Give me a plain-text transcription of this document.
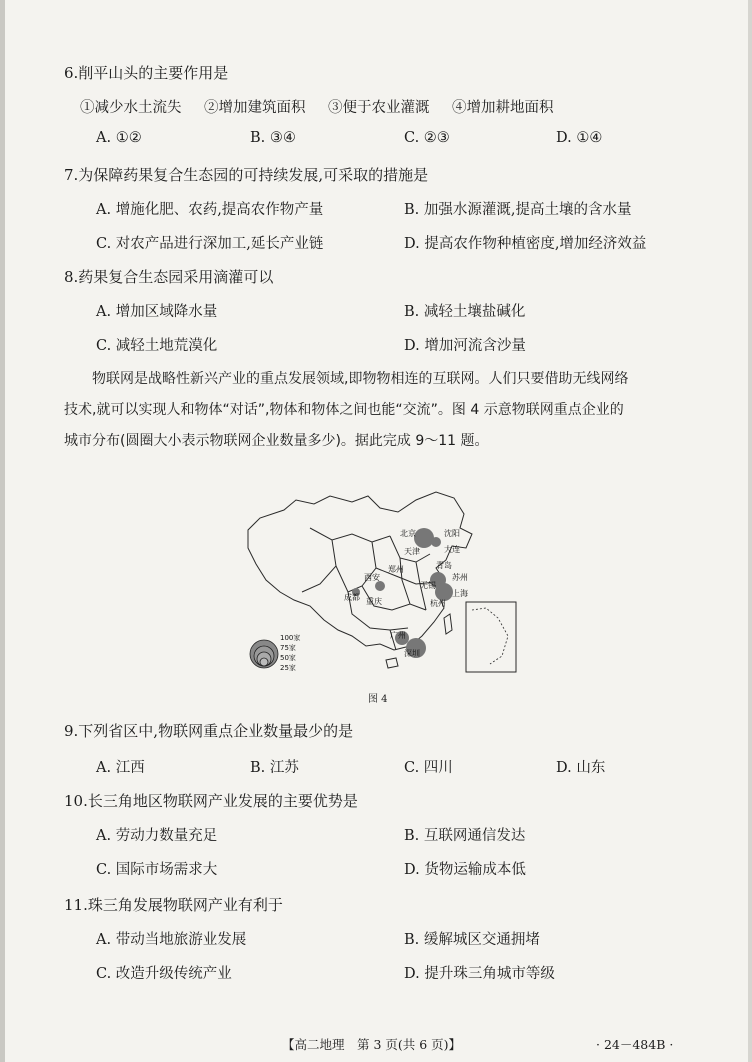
6.削平山头的主要作用是
①减少水土流失 ②增加建筑面积 ③便于农业灌溉 ④增加耕地面积
A. ①②	B. ③④	C. ②③	D. ①④
7.为保障药果复合生态园的可持续发展,可采取的措施是
A. 增施化肥、农药,提高农作物产量	B. 加强水源灌溉,提高土壤的含水量
C. 对农产品进行深加工,延长产业链	D. 提高农作物种植密度,增加经济效益
8.药果复合生态园采用滴灌可以
A. 增加区域降水量	B. 减轻土壤盐碱化
C. 减轻土地荒漠化	D. 增加河流含沙量
物联网是战略性新兴产业的重点发展领域,即物物相连的互联网。人们只要借助无线网络
技术,就可以实现人和物体“对话”,物体和物体之间也能“交流”。图 4 示意物联网重点企业的
城市分布(圆圈大小表示物联网企业数量多少)。据此完成 9～11 题。
北京	沈阳
天津	大连
青岛
西安
郑州
苏州
无锡
成都 重庆	杭州
上海
广州
深圳
100家
75家
50家
25家
图 4
9.下列省区中,物联网重点企业数量最少的是
A. 江西	B. 江苏	C. 四川	D. 山东
10.长三角地区物联网产业发展的主要优势是
A. 劳动力数量充足	B. 互联网通信发达
C. 国际市场需求大	D. 货物运输成本低
11.珠三角发展物联网产业有利于
A. 带动当地旅游业发展	B. 缓解城区交通拥堵
C. 改造升级传统产业	D. 提升珠三角城市等级
【高二地理　第 3 页(共 6 页)】	· 24－484B ·
